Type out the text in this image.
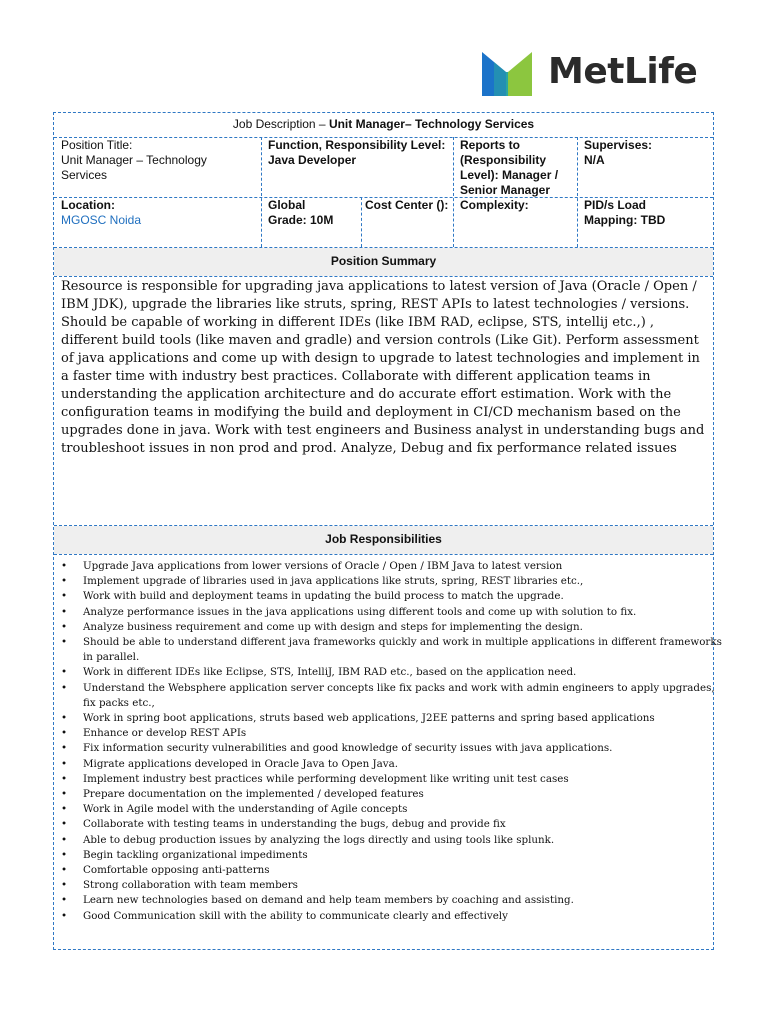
MetLife
Job Description – Unit Manager– Technology Services
Position Title:
Unit Manager – Technology Services
Function, Responsibility Level: Java Developer
Reports to (Responsibility Level): Manager / Senior Manager
Supervises: N/A
Location:
MGOSC Noida
Global Grade: 10M
Cost Center (): Complexity:	PID/s Load Mapping: TBD
Position Summary
Resource is responsible for upgrading java applications to latest version of Java (Oracle / Open / IBM JDK), upgrade the libraries like struts, spring, REST APIs to latest technologies / versions. Should be capable of working in different IDEs (like IBM RAD, eclipse, STS, intellij etc.,) , different build tools (like maven and gradle) and version controls (Like Git). Perform assessment of java applications and come up with design to upgrade to latest technologies and implement in a faster time with industry best practices. Collaborate with different application teams in understanding the application architecture and do accurate effort estimation. Work with the configuration teams in modifying the build and deployment in CI/CD mechanism based on the upgrades done in java. Work with test engineers and Business analyst in understanding bugs and troubleshoot issues in non prod and prod. Analyze, Debug and fix performance related issues
Job Responsibilities
• Upgrade Java applications from lower versions of Oracle / Open / IBM Java to latest version
• Implement upgrade of libraries used in java applications like struts, spring, REST libraries etc.,
• Work with build and deployment teams in updating the build process to match the upgrade.
• Analyze performance issues in the java applications using different tools and come up with solution to fix.
• Analyze business requirement and come up with design and steps for implementing the design.
• Should be able to understand different java frameworks quickly and work in multiple applications in different frameworks in parallel.
• Work in different IDEs like Eclipse, STS, IntelliJ, IBM RAD etc., based on the application need.
• Understand the Websphere application server concepts like fix packs and work with admin engineers to apply upgrades, fix packs etc.,
• Work in spring boot applications, struts based web applications, J2EE patterns and spring based applications
• Enhance or develop REST APIs
• Fix information security vulnerabilities and good knowledge of security issues with java applications.
• Migrate applications developed in Oracle Java to Open Java.
• Implement industry best practices while performing development like writing unit test cases
• Prepare documentation on the implemented / developed features
• Work in Agile model with the understanding of Agile concepts
• Collaborate with testing teams in understanding the bugs, debug and provide fix
• Able to debug production issues by analyzing the logs directly and using tools like splunk.
• Begin tackling organizational impediments
• Comfortable opposing anti-patterns
• Strong collaboration with team members
• Learn new technologies based on demand and help team members by coaching and assisting.
• Good Communication skill with the ability to communicate clearly and effectively
